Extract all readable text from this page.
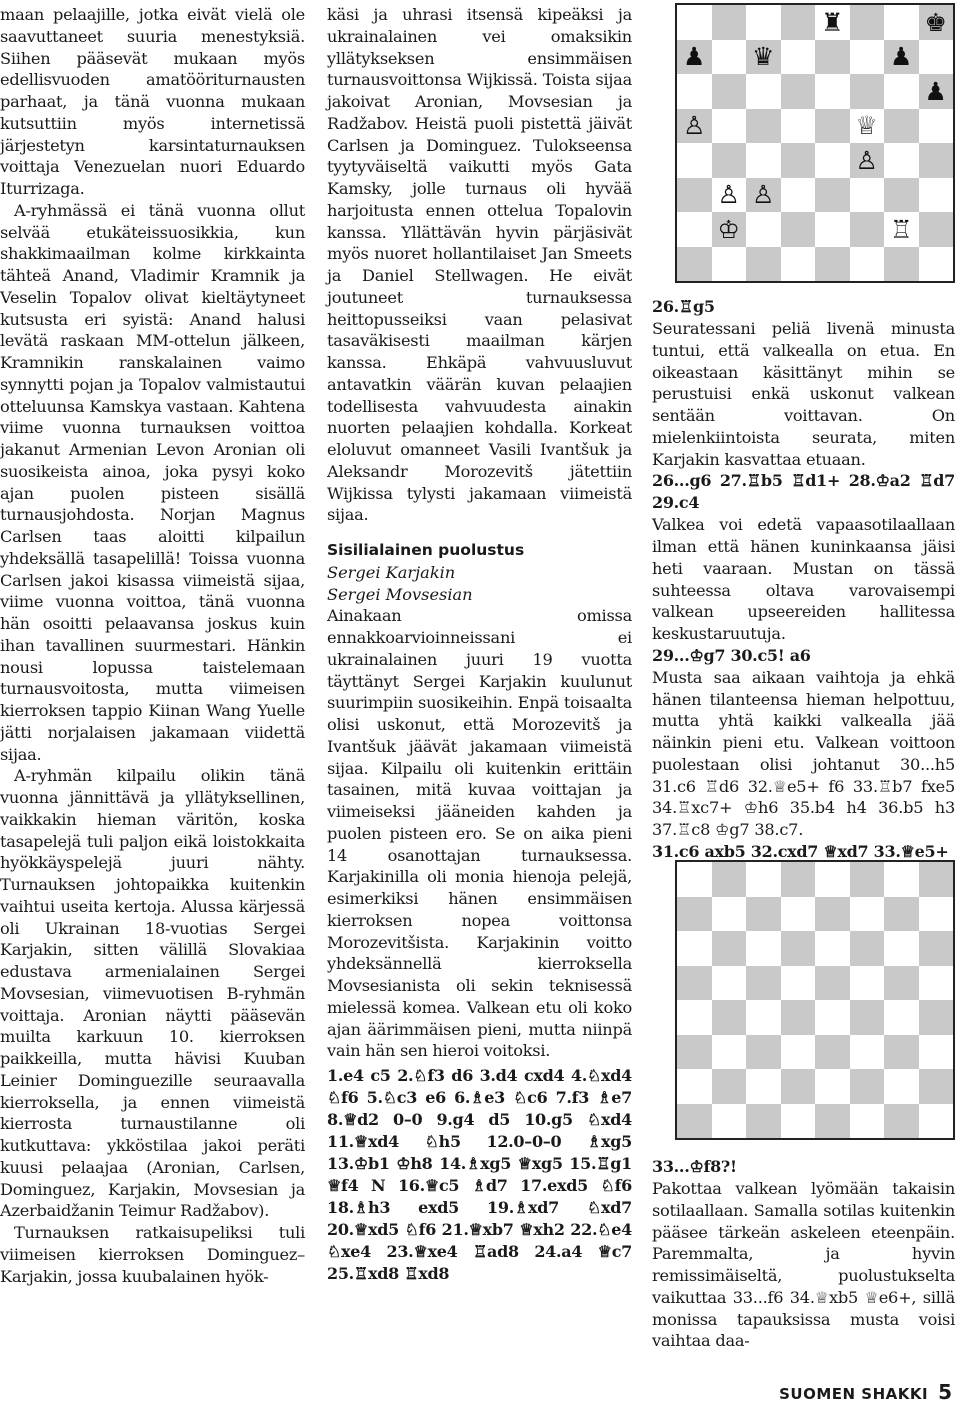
maan pelaajille, jotka eivät vielä ole saavuttaneet suuria menestyksiä. Siihen pääsevät mukaan myös edellisvuoden amatööriturnausten parhaat, ja tänä vuonna mukaan kutsuttiin myös internetissä järjestetyn karsintaturnauksen voittaja Venezuelan nuori Eduardo Iturrizaga.

A-ryhmässä ei tänä vuonna ollut selvää etukäteissuosikkia, kun shakkimaailman kolme kirkkainta tähteä Anand, Vladimir Kramnik ja Veselin Topalov olivat kieltäytyneet kutsusta eri syistä: Anand halusi levätä raskaan MM-ottelun jälkeen, Kramnikin ranskalainen vaimo synnytti pojan ja Topalov valmistautui otteluunsa Kamskya vastaan. Kahtena viime vuonna turnauksen voittoa jakanut Armenian Levon Aronian oli suosikeista ainoa, joka pysyi koko ajan puolen pisteen sisällä turnausjohdosta. Norjan Magnus Carlsen taas aloitti kilpailun yhdeksällä tasapelillä! Toissa vuonna Carlsen jakoi kisassa viimeistä sijaa, viime vuonna voittoa, tänä vuonna hän osoitti pelaavansa joskus kuin ihan tavallinen suurmestari. Hänkin nousi lopussa taistelemaan turnausvoitosta, mutta viimeisen kierroksen tappio Kiinan Wang Yuelle jätti norjalaisen jakamaan viidettä sijaa.

A-ryhmän kilpailu olikin tänä vuonna jännittävä ja yllätyksellinen, vaikkakin hieman väritön, koska tasapelejä tuli paljon eikä loistokkaita hyökkäyspelejä juuri nähty. Turnauksen johtopaikka kuitenkin vaihtui useita kertoja. Alussa kärjessä oli Ukrainan 18-vuotias Sergei Karjakin, sitten välillä Slovakiaa edustava armenialainen Sergei Movsesian, viimevuotisen B-ryhmän voittaja. Aronian näytti pääsevän muilta karkuun 10. kierroksen paikkeilla, mutta hävisi Kuuban Leinier Dominguezille seuraavalla kierroksella, ja ennen viimeistä kierrosta turnaustilanne oli kutkuttava: ykköstilaa jakoi peräti kuusi pelaajaa (Aronian, Carlsen, Dominguez, Karjakin, Movsesian ja Azerbaidžanin Teimur Radžabov).

Turnauksen ratkaisupeliksi tuli viimeisen kierroksen Dominguez–Karjakin, jossa kuubalainen hyök-

käsi ja uhrasi itsensä kipeäksi ja ukrainalainen vei omaksikin yllätykseksen ensimmäisen turnausvoittonsa Wijkissä. Toista sijaa jakoivat Aronian, Movsesian ja Radžabov. Heistä puoli pistettä jäivät Carlsen ja Dominguez. Tulokseensa tyytyväiseltä vaikutti myös Gata Kamsky, jolle turnaus oli hyvää harjoitusta ennen ottelua Topalovin kanssa. Yllättävän hyvin pärjäsivät myös nuoret hollantilaiset Jan Smeets ja Daniel Stellwagen. He eivät joutuneet turnauksessa heittopusseiksi vaan pelasivat tasaväkisesti maailman kärjen kanssa. Ehkäpä vahvuusluvut antavatkin väärän kuvan pelaajien todellisesta vahvuudesta ainakin nuorten pelaajien kohdalla. Korkeat eloluvut omanneet Vasili Ivantšuk ja Aleksandr Morozevitš jätettiin Wijkissa tylysti jakamaan viimeistä sijaa.

Sisilialainen puolustus
Sergei Karjakin
Sergei Movsesian

Ainakaan omissa ennakkoarvioinneissani ei ukrainalainen juuri 19 vuotta täyttänyt Sergei Karjakin kuulunut suurimpiin suosikeihin. Enpä toisaalta olisi uskonut, että Morozevitš ja Ivantšuk jäävät jakamaan viimeistä sijaa. Kilpailu oli kuitenkin erittäin tasainen, mitä kuvaa voittajan ja viimeiseksi jääneiden kahden ja puolen pisteen ero. Se on aika pieni 14 osanottajan turnauksessa. Karjakinilla oli monia hienoja pelejä, esimerkiksi hänen ensimmäisen kierroksen nopea voittonsa Morozevitšista. Karjakinin voitto yhdeksännellä kierroksella Movsesianista oli sekin teknisessä mielessä komea. Valkean etu oli koko ajan äärimmäisen pieni, mutta niinpä vain hän sen hieroi voitoksi.

1.e4 c5 2.♘f3 d6 3.d4 cxd4 4.♘xd4 ♘f6 5.♘c3 e6 6.♗e3 ♘c6 7.f3 ♗e7 8.♕d2 0–0 9.g4 d5 10.g5 ♘xd4 11.♕xd4 ♘h5 12.0–0–0 ♗xg5 13.♔b1 ♔h8 14.♗xg5 ♕xg5 15.♖g1 ♕f4 N 16.♕c5 ♗d7 17.exd5 ♘f6 18.♗h3 exd5 19.♗xd7 ♘xd7 20.♕xd5 ♘f6 21.♕xb7 ♕xh2 22.♘e4 ♘xe4 23.♕xe4 ♖ad8 24.a4 ♕c7 25.♖xd8 ♖xd8

♜	♚
♟ ♛	♟
♟
♙	♕
♙
♙ ♙
♔	♖

26.♖g5

Seuratessani peliä livenä minusta tuntui, että valkealla on etua. En oikeastaan käsittänyt mihin se perustuisi enkä uskonut valkean sentään voittavan. On mielenkiintoista seurata, miten Karjakin kasvattaa etuaan.

26...g6 27.♖b5 ♖d1+ 28.♔a2 ♖d7 29.c4

Valkea voi edetä vapaasotilaallaan ilman että hänen kuninkaansa jäisi heti vaaraan. Mustan on tässä suhteessa oltava varovaisempi valkean upseereiden hallitessa keskustaruutuja.

29...♔g7 30.c5! a6

Musta saa aikaan vaihtoja ja ehkä hänen tilanteensa hieman helpottuu, mutta yhtä kaikki valkealla jää näinkin pieni etu. Valkean voittoon puolestaan olisi johtanut 30...h5 31.c6 ♖d6 32.♕e5+ f6 33.♖b7 fxe5 34.♖xc7+ ♔h6 35.b4 h4 36.b5 h3 37.♖c8 ♔g7 38.c7.

31.c6 axb5 32.cxd7 ♕xd7 33.♕e5+

33...♔f8?!

Pakottaa valkean lyömään takaisin sotilaallaan. Samalla sotilas kuitenkin pääsee tärkeän askeleen eteenpäin. Paremmalta, ja hyvin remissimäiseltä, puolustukselta vaikuttaa 33...f6 34.♕xb5 ♕e6+, sillä monissa tapauksissa musta voisi vaihtaa daa-

SUOMEN SHAKKI 5
